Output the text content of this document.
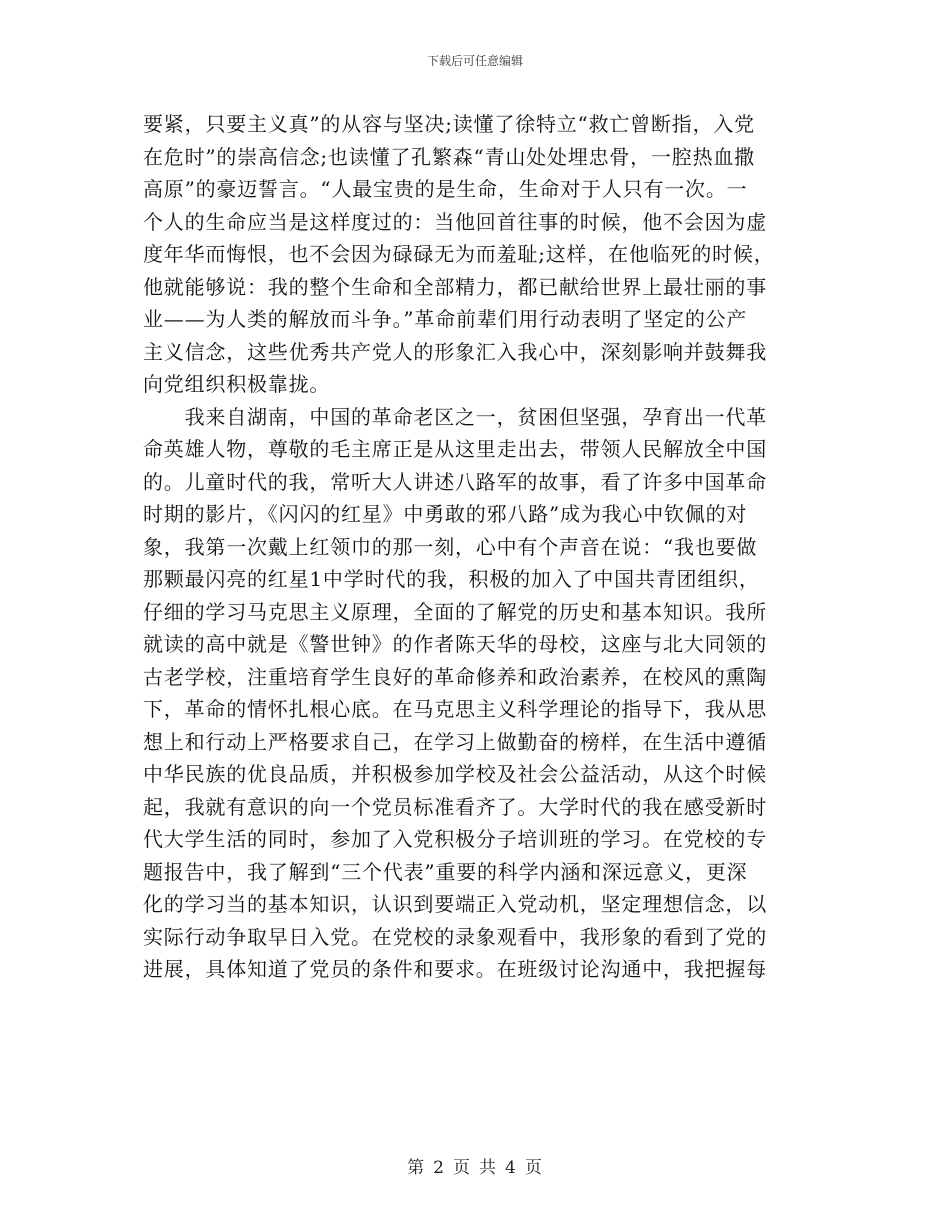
下载后可任意编辑
要紧，只要主义真”的从容与坚决;读懂了徐特立“救亡曾断指，入党
在危时”的崇高信念;也读懂了孔繁森“青山处处埋忠骨，一腔热血撒
高原”的豪迈誓言。“人最宝贵的是生命，生命对于人只有一次。一
个人的生命应当是这样度过的：当他回首往事的时候，他不会因为虚
度年华而悔恨，也不会因为碌碌无为而羞耻;这样，在他临死的时候，
他就能够说：我的整个生命和全部精力，都已献给世界上最壮丽的事
业——为人类的解放而斗争。”革命前辈们用行动表明了坚定的公产
主义信念，这些优秀共产党人的形象汇入我心中，深刻影响并鼓舞我
向党组织积极靠拢。
　　我来自湖南，中国的革命老区之一，贫困但坚强，孕育出一代革
命英雄人物，尊敬的毛主席正是从这里走出去，带领人民解放全中国
的。儿童时代的我，常听大人讲述八路军的故事，看了许多中国革命
时期的影片，《闪闪的红星》中勇敢的邪八路”成为我心中钦佩的对
象，我第一次戴上红领巾的那一刻，心中有个声音在说：“我也要做
那颗最闪亮的红星1中学时代的我，积极的加入了中国共青团组织，
仔细的学习马克思主义原理，全面的了解党的历史和基本知识。我所
就读的高中就是《警世钟》的作者陈天华的母校，这座与北大同领的
古老学校，注重培育学生良好的革命修养和政治素养，在校风的熏陶
下，革命的情怀扎根心底。在马克思主义科学理论的指导下，我从思
想上和行动上严格要求自己，在学习上做勤奋的榜样，在生活中遵循
中华民族的优良品质，并积极参加学校及社会公益活动，从这个时候
起，我就有意识的向一个党员标准看齐了。大学时代的我在感受新时
代大学生活的同时，参加了入党积极分子培训班的学习。在党校的专
题报告中，我了解到“三个代表”重要的科学内涵和深远意义，更深
化的学习当的基本知识，认识到要端正入党动机，坚定理想信念，以
实际行动争取早日入党。在党校的录象观看中，我形象的看到了党的
进展，具体知道了党员的条件和要求。在班级讨论沟通中，我把握每
第 2 页 共 4 页
